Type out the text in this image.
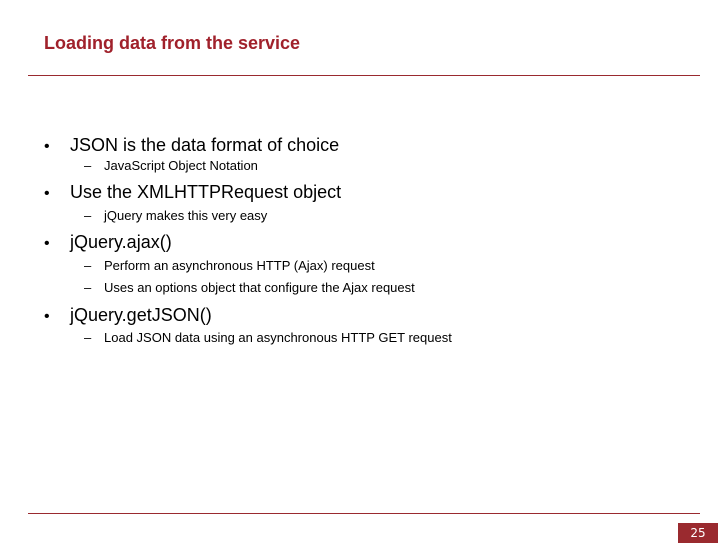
Loading data from the service
• JSON is the data format of choice
– JavaScript Object Notation
• Use the XMLHTTPRequest object
– jQuery makes this very easy
• jQuery.ajax()
– Perform an asynchronous HTTP (Ajax) request
– Uses an options object that configure the Ajax request
• jQuery.getJSON()
– Load JSON data using an asynchronous HTTP GET request
25
